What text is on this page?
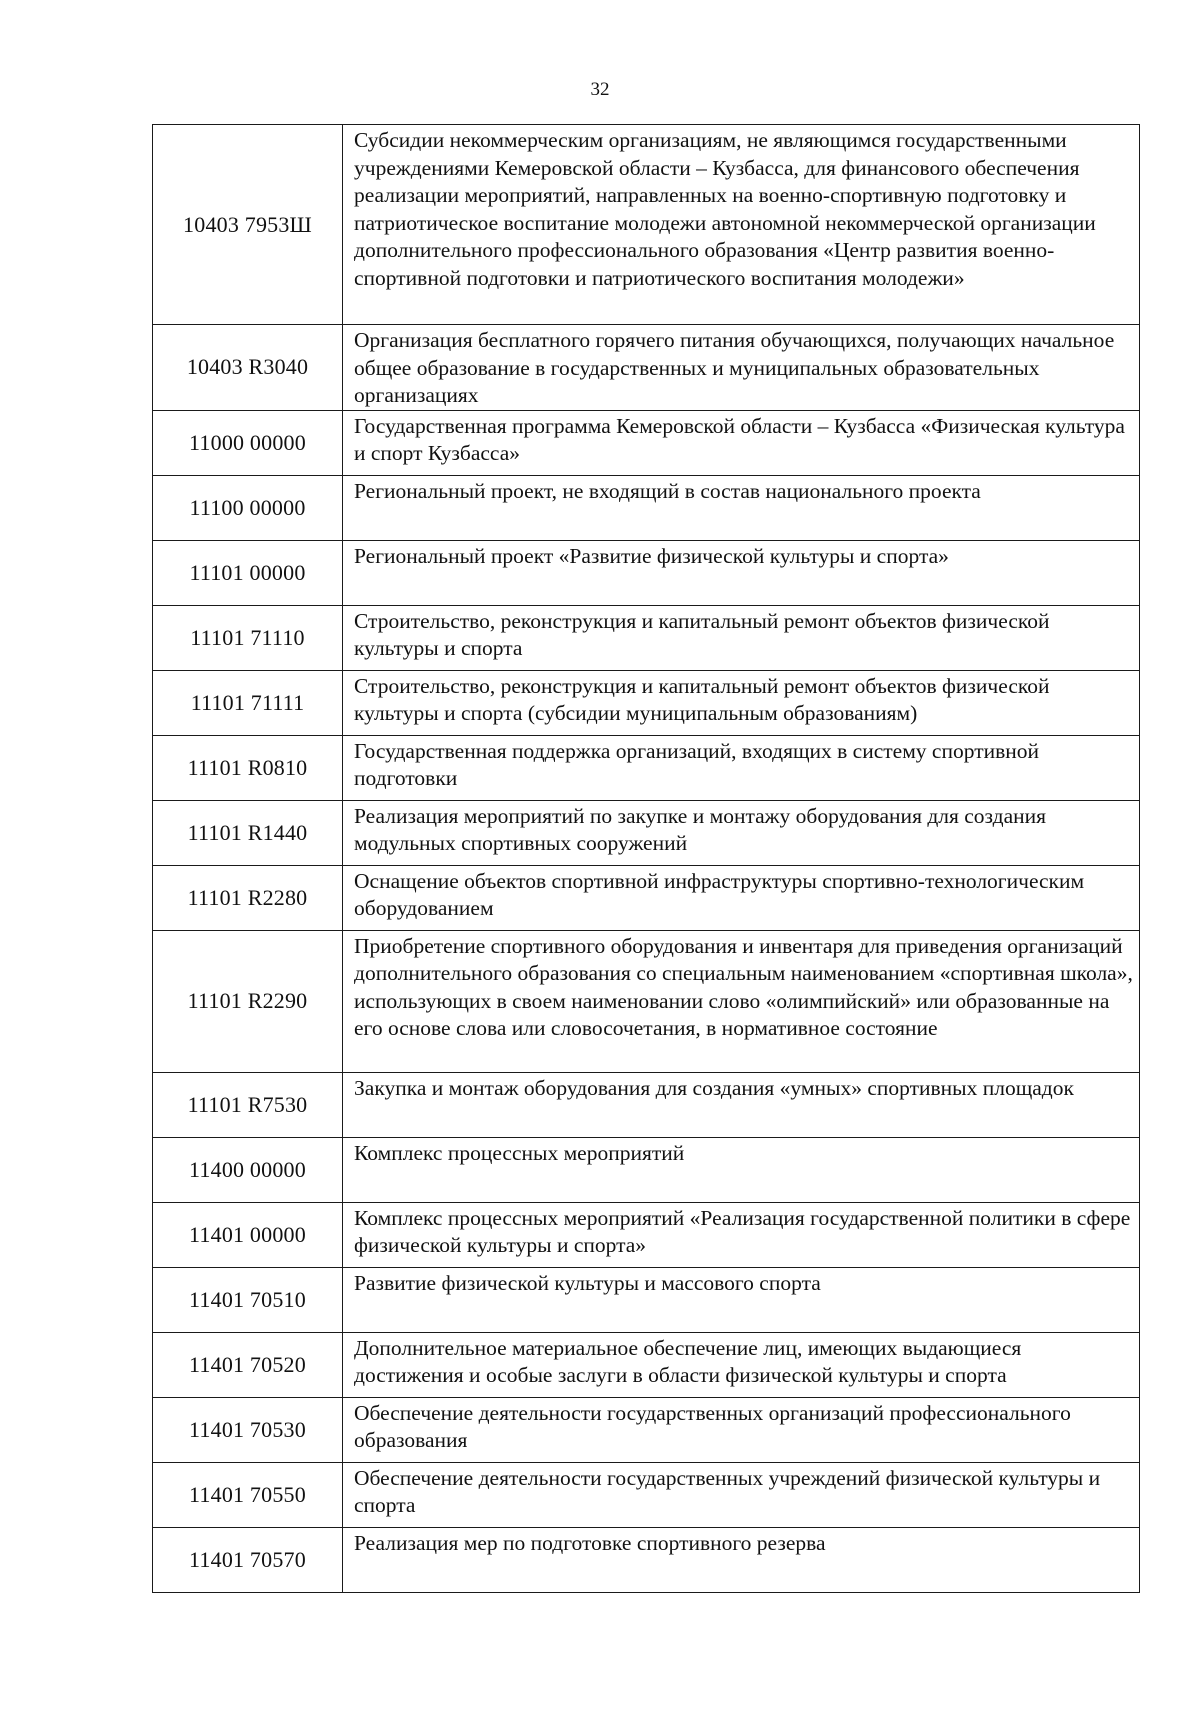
32
10403 7953Ш	Субсидии некоммерческим организациям, не являющимся государственными учреждениями Кемеровской области – Кузбасса, для финансового обеспечения реализации мероприятий, направленных на военно-спортивную подготовку и патриотическое воспитание молодежи автономной некоммерческой организации дополнительного профессионального образования «Центр развития военно-спортивной подготовки и патриотического воспитания молодежи»

10403 R3040	Организация бесплатного горячего питания обучающихся, получающих начальное общее образование в государственных и муниципальных образовательных организациях

11000 00000	Государственная программа Кемеровской области – Кузбасса «Физическая культура и спорт Кузбасса»

11100 00000	Региональный проект, не входящий в состав национального проекта

11101 00000	Региональный проект «Развитие физической культуры и спорта»

11101 71110	Строительство, реконструкция и капитальный ремонт объектов физической культуры и спорта

11101 71111	Строительство, реконструкция и капитальный ремонт объектов физической культуры и спорта (субсидии муниципальным образованиям)

11101 R0810	Государственная поддержка организаций, входящих в систему спортивной подготовки

11101 R1440	Реализация мероприятий по закупке и монтажу оборудования для создания модульных спортивных сооружений

11101 R2280	Оснащение объектов спортивной инфраструктуры спортивно-технологическим оборудованием

11101 R2290	Приобретение спортивного оборудования и инвентаря для приведения организаций дополнительного образования со специальным наименованием «спортивная школа», использующих в своем наименовании слово «олимпийский» или образованные на его основе слова или словосочетания, в нормативное состояние

11101 R7530	Закупка и монтаж оборудования для создания «умных» спортивных площадок

11400 00000	Комплекс процессных мероприятий

11401 00000	Комплекс процессных мероприятий «Реализация государственной политики в сфере физической культуры и спорта»

11401 70510	Развитие физической культуры и массового спорта

11401 70520	Дополнительное материальное обеспечение лиц, имеющих выдающиеся достижения и особые заслуги в области физической культуры и спорта

11401 70530	Обеспечение деятельности государственных организаций профессионального образования

11401 70550	Обеспечение деятельности государственных учреждений физической культуры и спорта

11401 70570	Реализация мер по подготовке спортивного резерва
